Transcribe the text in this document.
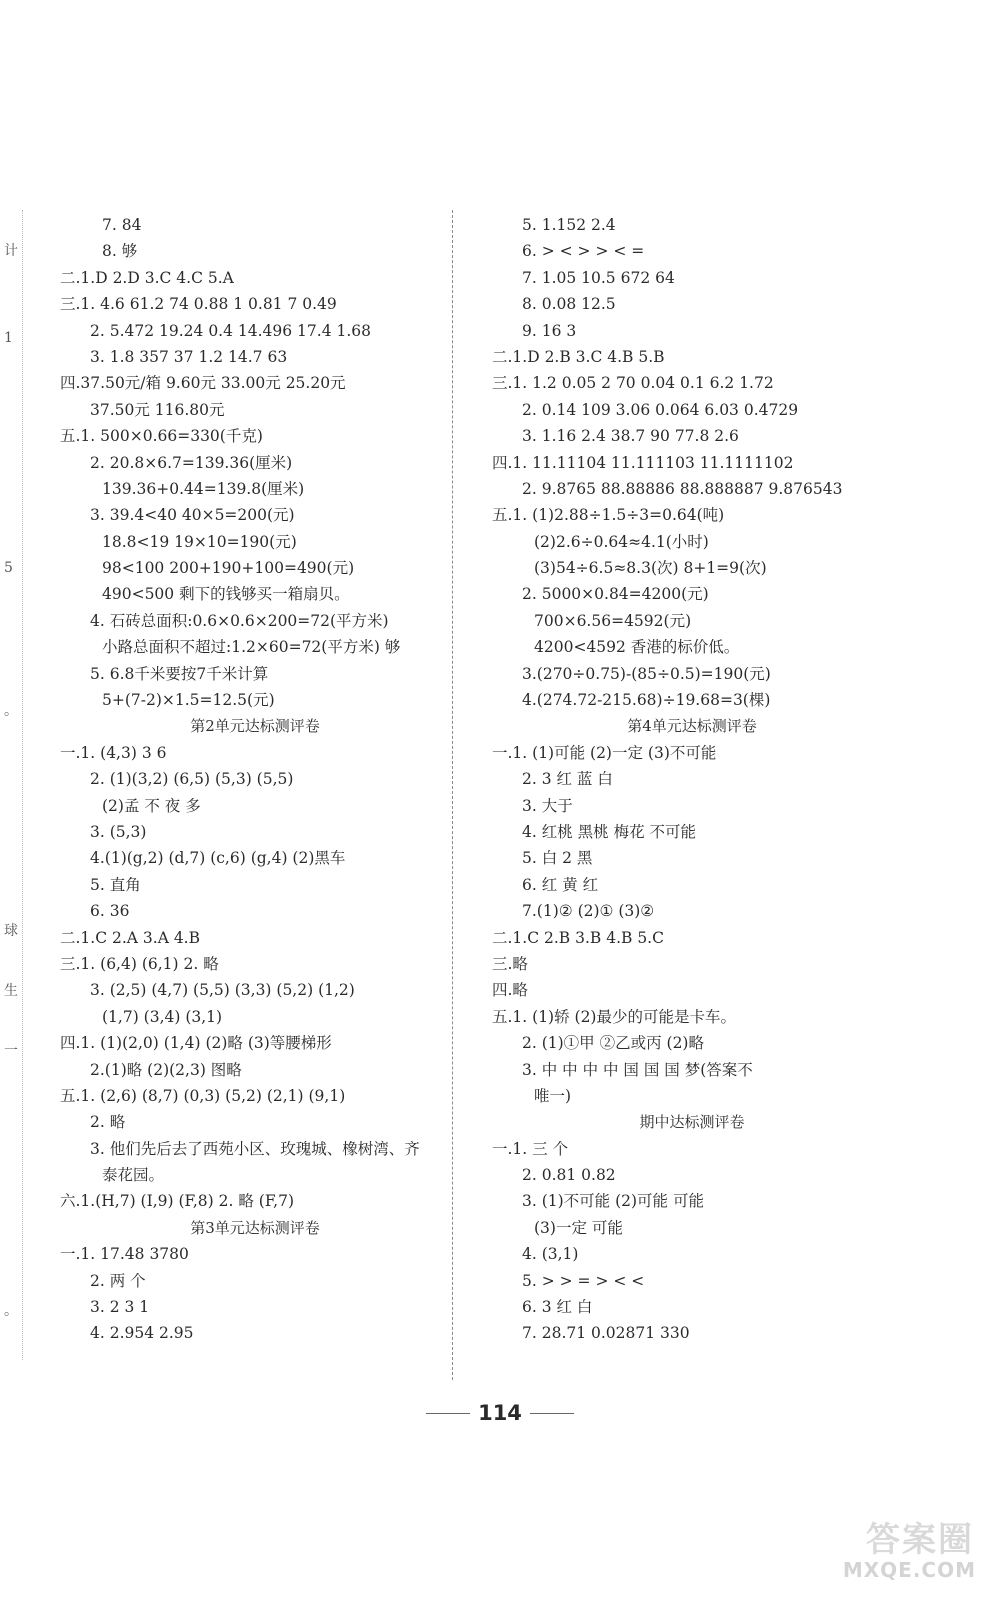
计
1
5
。
球
生
一
。
7. 84
8. 够
二.1.D 2.D 3.C 4.C 5.A
三.1. 4.6 61.2 74 0.88 1 0.81 7 0.49
2. 5.472 19.24 0.4 14.496 17.4 1.68
3. 1.8 357 37 1.2 14.7 63
四.37.50元/箱 9.60元 33.00元 25.20元
37.50元 116.80元
五.1. 500×0.66=330(千克)
2. 20.8×6.7=139.36(厘米)
139.36+0.44=139.8(厘米)
3. 39.4<40 40×5=200(元)
18.8<19 19×10=190(元)
98<100 200+190+100=490(元)
490<500 剩下的钱够买一箱扇贝。
4. 石砖总面积:0.6×0.6×200=72(平方米)
小路总面积不超过:1.2×60=72(平方米) 够
5. 6.8千米要按7千米计算
5+(7-2)×1.5=12.5(元)
第2单元达标测评卷
一.1. (4,3) 3 6
2. (1)(3,2) (6,5) (5,3) (5,5)
(2)孟 不 夜 多
3. (5,3)
4.(1)(g,2) (d,7) (c,6) (g,4) (2)黑车
5. 直角
6. 36
二.1.C 2.A 3.A 4.B
三.1. (6,4) (6,1) 2. 略
3. (2,5) (4,7) (5,5) (3,3) (5,2) (1,2)
(1,7) (3,4) (3,1)
四.1. (1)(2,0) (1,4) (2)略 (3)等腰梯形
2.(1)略 (2)(2,3) 图略
五.1. (2,6) (8,7) (0,3) (5,2) (2,1) (9,1)
2. 略
3. 他们先后去了西苑小区、玫瑰城、橡树湾、齐
泰花园。
六.1.(H,7) (I,9) (F,8) 2. 略 (F,7)
第3单元达标测评卷
一.1. 17.48 3780
2. 两 个
3. 2 3 1
4. 2.954 2.95
5. 1.152 2.4
6. > < > > < =
7. 1.05 10.5 672 64
8. 0.08 12.5
9. 16 3
二.1.D 2.B 3.C 4.B 5.B
三.1. 1.2 0.05 2 70 0.04 0.1 6.2 1.72
2. 0.14 109 3.06 0.064 6.03 0.4729
3. 1.16 2.4 38.7 90 77.8 2.6
四.1. 11.11104 11.111103 11.1111102
2. 9.8765 88.88886 88.888887 9.876543
五.1. (1)2.88÷1.5÷3=0.64(吨)
(2)2.6÷0.64≈4.1(小时)
(3)54÷6.5≈8.3(次) 8+1=9(次)
2. 5000×0.84=4200(元)
700×6.56=4592(元)
4200<4592 香港的标价低。
3.(270÷0.75)-(85÷0.5)=190(元)
4.(274.72-215.68)÷19.68=3(棵)
第4单元达标测评卷
一.1. (1)可能 (2)一定 (3)不可能
2. 3 红 蓝 白
3. 大于
4. 红桃 黑桃 梅花 不可能
5. 白 2 黑
6. 红 黄 红
7.(1)② (2)① (3)②
二.1.C 2.B 3.B 4.B 5.C
三.略
四.略
五.1. (1)轿 (2)最少的可能是卡车。
2. (1)①甲 ②乙或丙 (2)略
3. 中 中 中 中 国 国 国 梦(答案不
唯一)
期中达标测评卷
一.1. 三 个
2. 0.81 0.82
3. (1)不可能 (2)可能 可能
(3)一定 可能
4. (3,1)
5. > > = > < <
6. 3 红 白
7. 28.71 0.02871 330
114
答案圈
MXQE.COM
